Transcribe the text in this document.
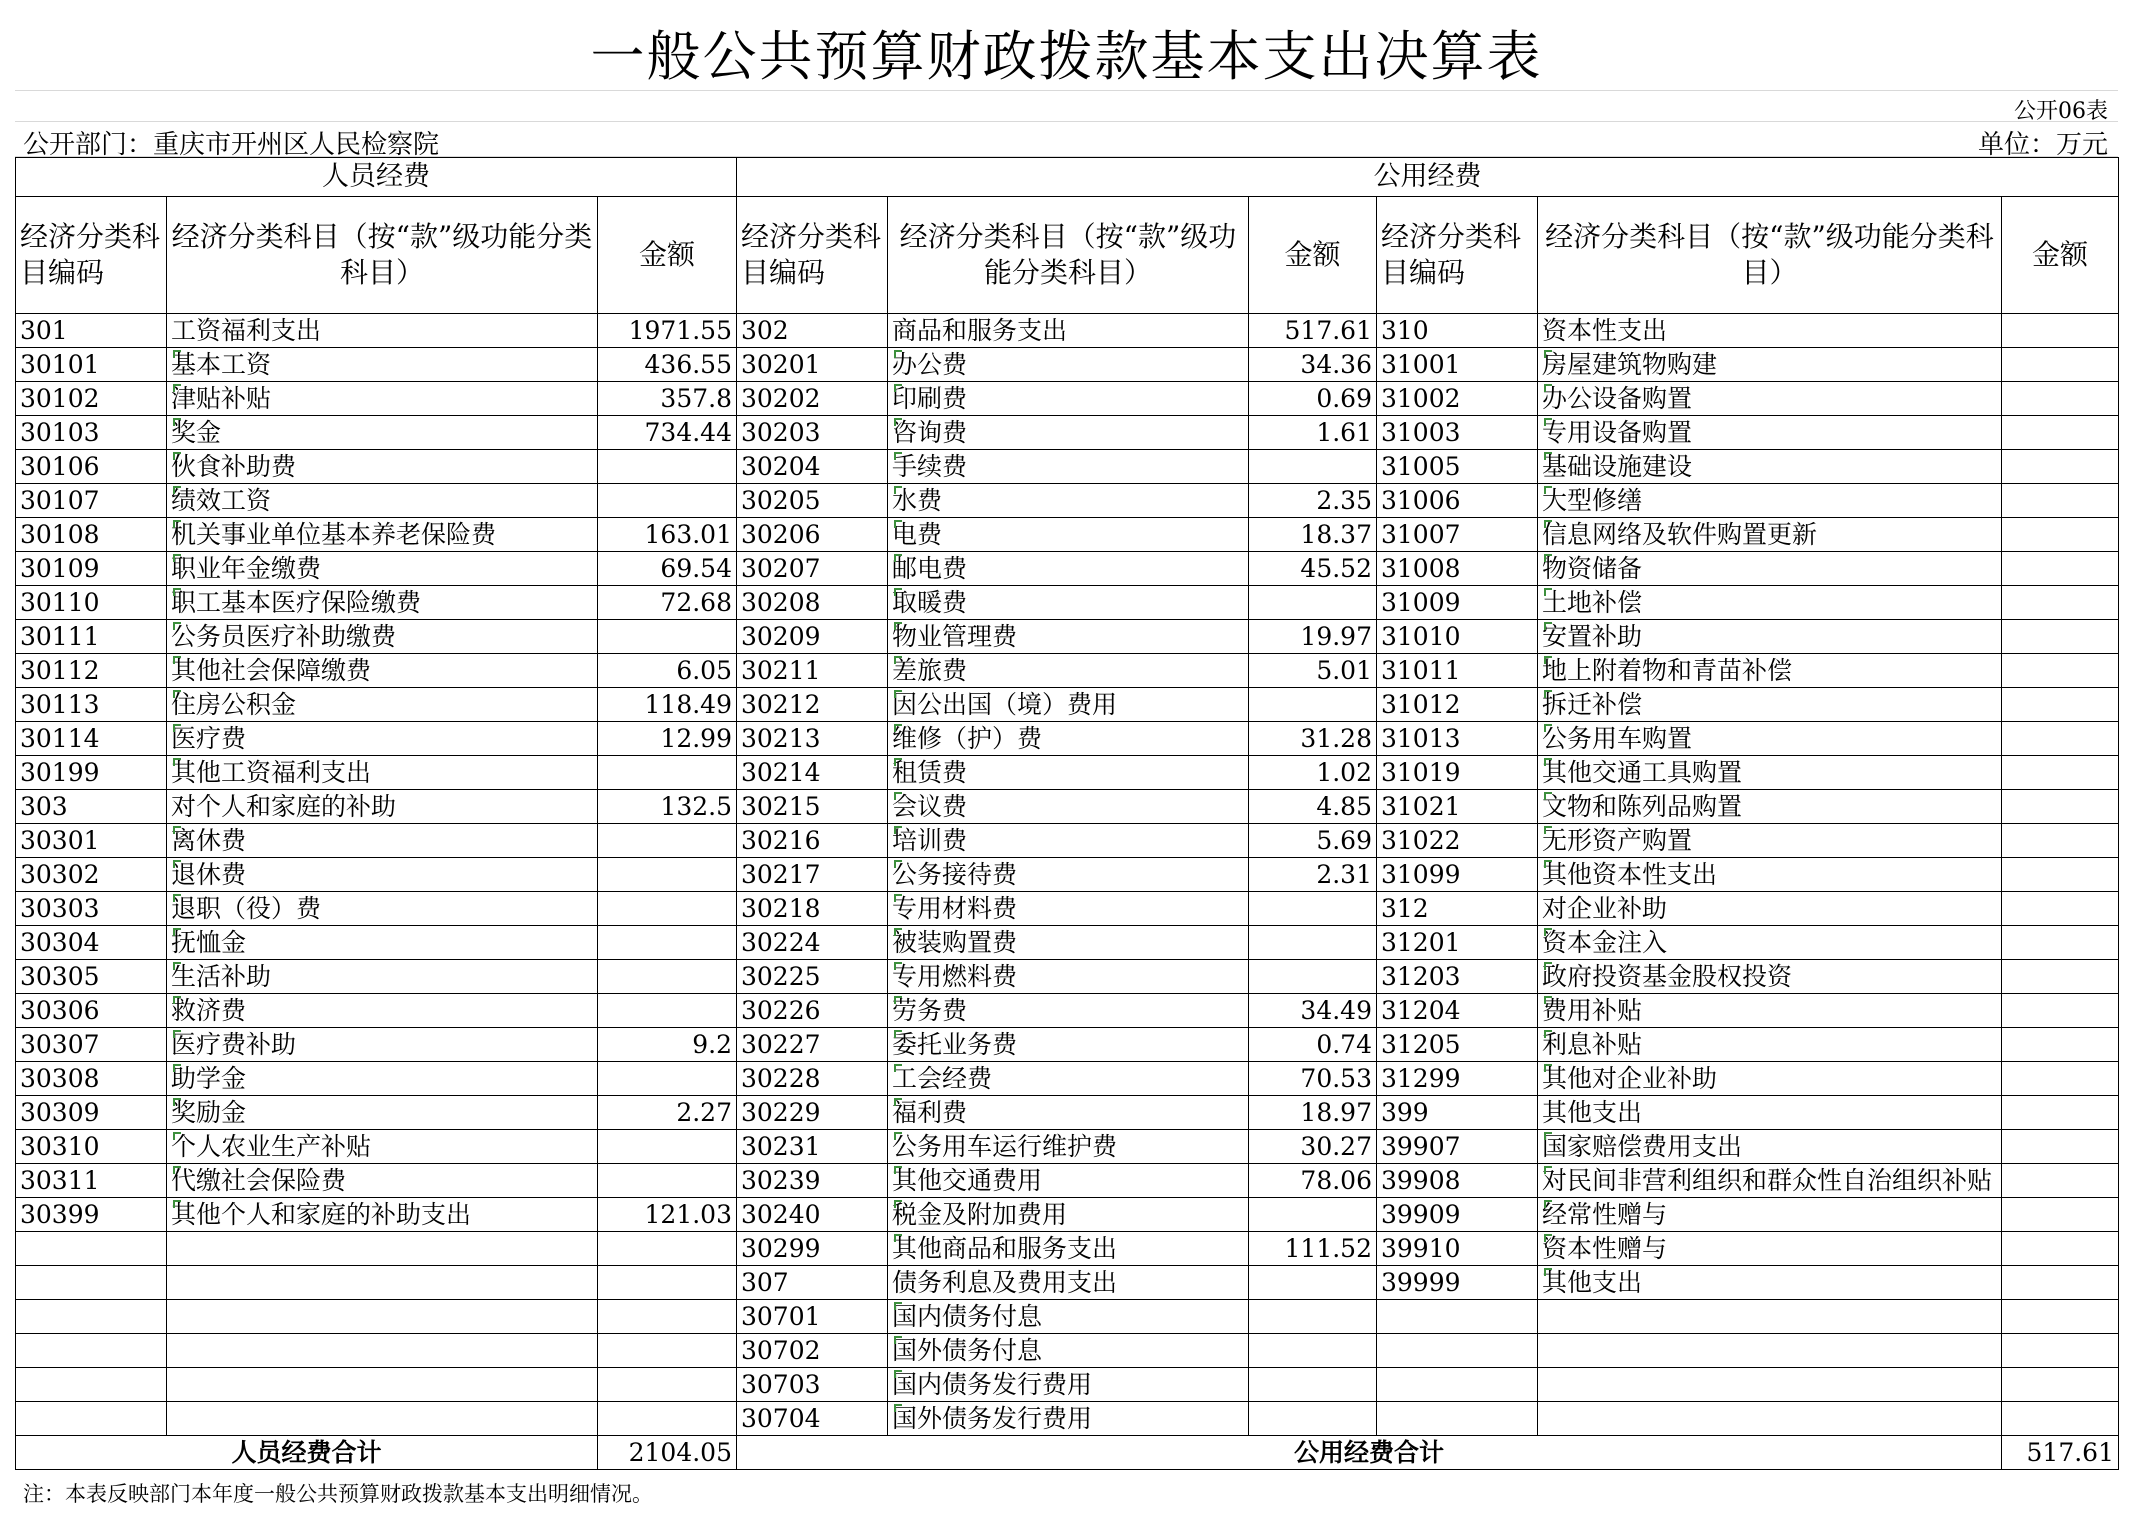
一般公共预算财政拨款基本支出决算表
公开06表
公开部门：重庆市开州区人民检察院	单位：万元
人员经费			公用经费					
经济分类科目编码	经济分类科目（按“款”级功能分类科目）	金额	经济分类科目编码	经济分类科目（按“款”级功能分类科目）	金额	经济分类科目编码	经济分类科目（按“款”级功能分类科目）	金额
301	工资福利支出	1971.55	302	商品和服务支出	517.61	310	资本性支出	
30101	基本工资	436.55	30201	办公费	34.36	31001	房屋建筑物购建	
30102	津贴补贴	357.8	30202	印刷费	0.69	31002	办公设备购置	
30103	奖金	734.44	30203	咨询费	1.61	31003	专用设备购置	
30106	伙食补助费		30204	手续费		31005	基础设施建设	
30107	绩效工资		30205	水费	2.35	31006	大型修缮	
30108	机关事业单位基本养老保险费	163.01	30206	电费	18.37	31007	信息网络及软件购置更新	
30109	职业年金缴费	69.54	30207	邮电费	45.52	31008	物资储备	
30110	职工基本医疗保险缴费	72.68	30208	取暖费		31009	土地补偿	
30111	公务员医疗补助缴费		30209	物业管理费	19.97	31010	安置补助	
30112	其他社会保障缴费	6.05	30211	差旅费	5.01	31011	地上附着物和青苗补偿	
30113	住房公积金	118.49	30212	因公出国（境）费用		31012	拆迁补偿	
30114	医疗费	12.99	30213	维修（护）费	31.28	31013	公务用车购置	
30199	其他工资福利支出		30214	租赁费	1.02	31019	其他交通工具购置	
303	对个人和家庭的补助	132.5	30215	会议费	4.85	31021	文物和陈列品购置	
30301	离休费		30216	培训费	5.69	31022	无形资产购置	
30302	退休费		30217	公务接待费	2.31	31099	其他资本性支出	
30303	退职（役）费		30218	专用材料费		312	对企业补助	
30304	抚恤金		30224	被装购置费		31201	资本金注入	
30305	生活补助		30225	专用燃料费		31203	政府投资基金股权投资	
30306	救济费		30226	劳务费	34.49	31204	费用补贴	
30307	医疗费补助	9.2	30227	委托业务费	0.74	31205	利息补贴	
30308	助学金		30228	工会经费	70.53	31299	其他对企业补助	
30309	奖励金	2.27	30229	福利费	18.97	399	其他支出	
30310	个人农业生产补贴		30231	公务用车运行维护费	30.27	39907	国家赔偿费用支出	
30311	代缴社会保险费		30239	其他交通费用	78.06	39908	对民间非营利组织和群众性自治组织补贴	
30399	其他个人和家庭的补助支出	121.03	30240	税金及附加费用		39909	经常性赠与	
			30299	其他商品和服务支出	111.52	39910	资本性赠与	
			307	债务利息及费用支出		39999	其他支出	
			30701	国内债务付息				
			30702	国外债务付息				
			30703	国内债务发行费用				
			30704	国外债务发行费用				
人员经费合计		2104.05	公用经费合计					517.61
注：本表反映部门本年度一般公共预算财政拨款基本支出明细情况。
